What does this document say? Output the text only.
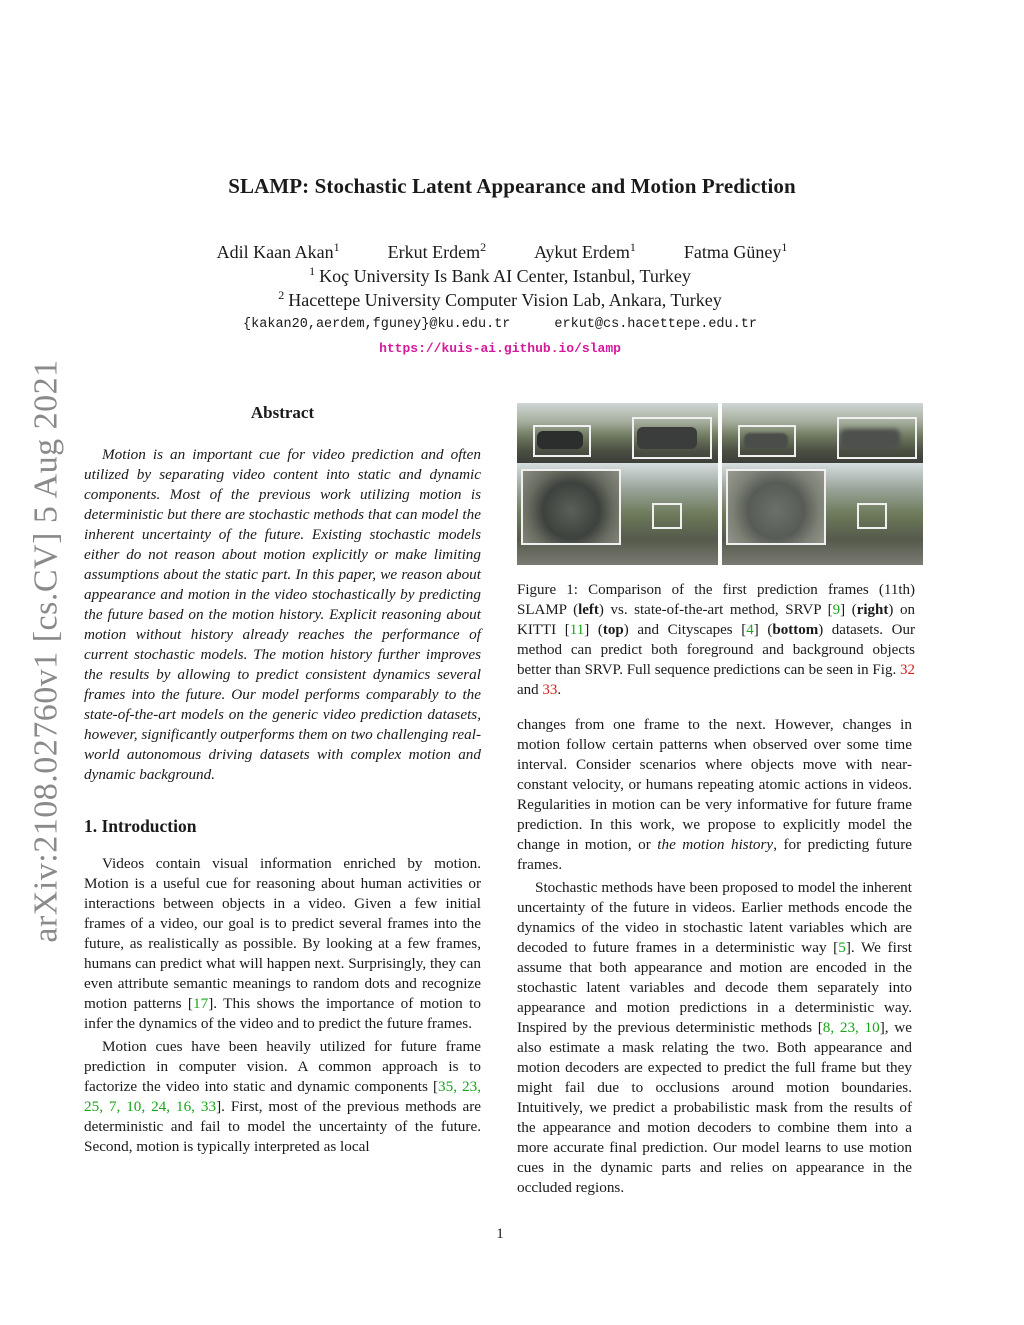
arXiv:2108.02760v1 [cs.CV] 5 Aug 2021
SLAMP: Stochastic Latent Appearance and Motion Prediction
Adil Kaan Akan$^1$	Erkut Erdem$^2$	Aykut Erdem$^1$	Fatma Güney$^1$
$^1$ Koç University Is Bank AI Center, Istanbul, Turkey
$^2$ Hacettepe University Computer Vision Lab, Ankara, Turkey
{kakan20,aerdem,fguney}@ku.edu.tr	erkut@cs.hacettepe.edu.tr
https://kuis-ai.github.io/slamp
Abstract

Motion is an important cue for video prediction and often utilized by separating video content into static and dynamic components. Most of the previous work utilizing motion is deterministic but there are stochastic methods that can model the inherent uncertainty of the future. Existing stochastic models either do not reason about motion explicitly or make limiting assumptions about the static part. In this paper, we reason about appearance and motion in the video stochastically by predicting the future based on the motion history. Explicit reasoning about motion without history already reaches the performance of current stochastic models. The motion history further improves the results by allowing to predict consistent dynamics several frames into the future. Our model performs comparably to the state-of-the-art models on the generic video prediction datasets, however, significantly outperforms them on two challenging real-world autonomous driving datasets with complex motion and dynamic background.

1. Introduction

Videos contain visual information enriched by motion. Motion is a useful cue for reasoning about human activities or interactions between objects in a video. Given a few initial frames of a video, our goal is to predict several frames into the future, as realistically as possible. By looking at a few frames, humans can predict what will happen next. Surprisingly, they can even attribute semantic meanings to random dots and recognize motion patterns [17]. This shows the importance of motion to infer the dynamics of the video and to predict the future frames.

Motion cues have been heavily utilized for future frame prediction in computer vision. A common approach is to factorize the video into static and dynamic components [35, 23, 25, 7, 10, 24, 16, 33]. First, most of the previous methods are deterministic and fail to model the uncertainty of the future. Second, motion is typically interpreted as local

Figure 1: Comparison of the first prediction frames (11th) SLAMP (left) vs. state-of-the-art method, SRVP [9] (right) on KITTI [11] (top) and Cityscapes [4] (bottom) datasets. Our method can predict both foreground and background objects better than SRVP. Full sequence predictions can be seen in Fig. 32 and 33.

changes from one frame to the next. However, changes in motion follow certain patterns when observed over some time interval. Consider scenarios where objects move with near-constant velocity, or humans repeating atomic actions in videos. Regularities in motion can be very informative for future frame prediction. In this work, we propose to explicitly model the change in motion, or the motion history, for predicting future frames.

Stochastic methods have been proposed to model the inherent uncertainty of the future in videos. Earlier methods encode the dynamics of the video in stochastic latent variables which are decoded to future frames in a deterministic way [5]. We first assume that both appearance and motion are encoded in the stochastic latent variables and decode them separately into appearance and motion predictions in a deterministic way. Inspired by the previous deterministic methods [8, 23, 10], we also estimate a mask relating the two. Both appearance and motion decoders are expected to predict the full frame but they might fail due to occlusions around motion boundaries. Intuitively, we predict a probabilistic mask from the results of the appearance and motion decoders to combine them into a more accurate final prediction. Our model learns to use motion cues in the dynamic parts and relies on appearance in the occluded regions.

1
